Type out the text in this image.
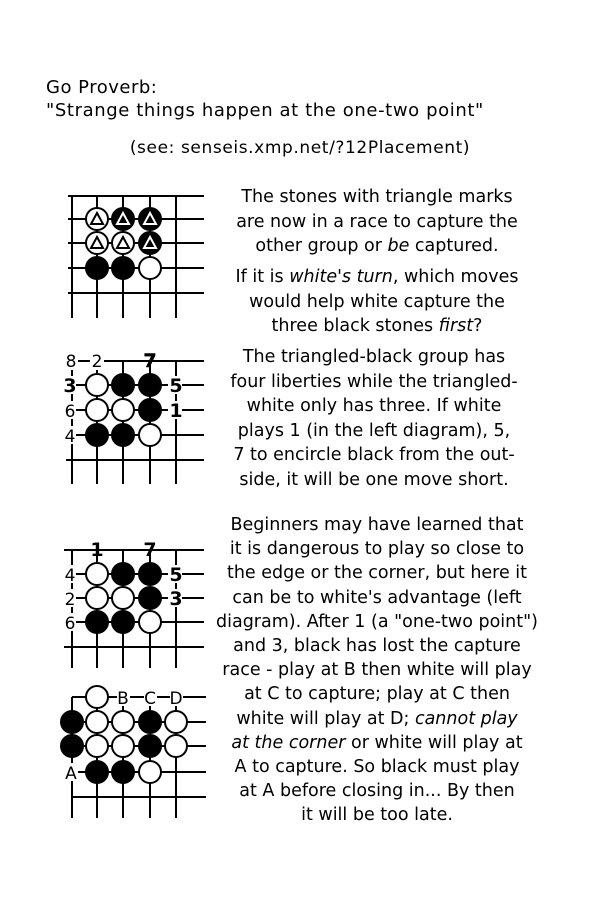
Go Proverb:
"Strange things happen at the one-two point"
(see: senseis.xmp.net/?12Placement)

The stones with triangle marks
are now in a race to capture the
other group or be captured.

If it is white's turn, which moves
would help white capture the
three black stones first?

The triangled-black group has
four liberties while the triangled-
white only has three. If white
plays 1 (in the left diagram), 5,
7 to encircle black from the out-
side, it will be one move short.

Beginners may have learned that
it is dangerous to play so close to
the edge or the corner, but here it
can be to white's advantage (left
diagram). After 1 (a "one-two point")
and 3, black has lost the capture
race - play at B then white will play
at C to capture; play at C then
white will play at D; cannot play
at the corner or white will play at
A to capture. So black must play
at A before closing in... By then
it will be too late.

8 2 7
3
6
4
5
1
1 7
4
2
6
5
3
B C D
A
